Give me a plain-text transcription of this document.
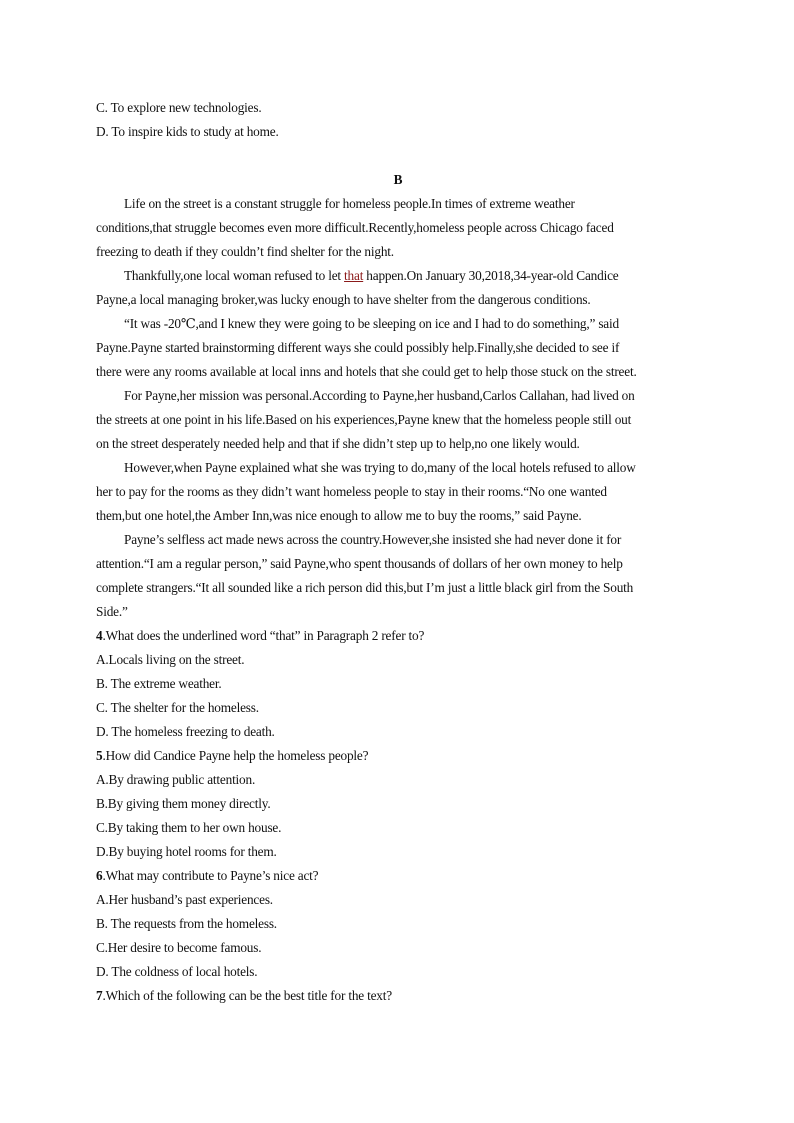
C. To explore new technologies.
D. To inspire kids to study at home.
B
Life on the street is a constant struggle for homeless people.In times of extreme weather
conditions,that struggle becomes even more difficult.Recently,homeless people across Chicago faced
freezing to death if they couldn’t find shelter for the night.
Thankfully,one local woman refused to let that happen.On January 30,2018,34-year-old Candice
Payne,a local managing broker,was lucky enough to have shelter from the dangerous conditions.
“It was -20℃,and I knew they were going to be sleeping on ice and I had to do something,” said
Payne.Payne started brainstorming different ways she could possibly help.Finally,she decided to see if
there were any rooms available at local inns and hotels that she could get to help those stuck on the street.
For Payne,her mission was personal.According to Payne,her husband,Carlos Callahan, had lived on
the streets at one point in his life.Based on his experiences,Payne knew that the homeless people still out
on the street desperately needed help and that if she didn’t step up to help,no one likely would.
However,when Payne explained what she was trying to do,many of the local hotels refused to allow
her to pay for the rooms as they didn’t want homeless people to stay in their rooms.“No one wanted
them,but one hotel,the Amber Inn,was nice enough to allow me to buy the rooms,” said Payne.
Payne’s selfless act made news across the country.However,she insisted she had never done it for
attention.“I am a regular person,” said Payne,who spent thousands of dollars of her own money to help
complete strangers.“It all sounded like a rich person did this,but I’m just a little black girl from the South
Side.”
4.What does the underlined word “that” in Paragraph 2 refer to?
A.Locals living on the street.
B. The extreme weather.
C. The shelter for the homeless.
D. The homeless freezing to death.
5.How did Candice Payne help the homeless people?
A.By drawing public attention.
B.By giving them money directly.
C.By taking them to her own house.
D.By buying hotel rooms for them.
6.What may contribute to Payne’s nice act?
A.Her husband’s past experiences.
B. The requests from the homeless.
C.Her desire to become famous.
D. The coldness of local hotels.
7.Which of the following can be the best title for the text?
